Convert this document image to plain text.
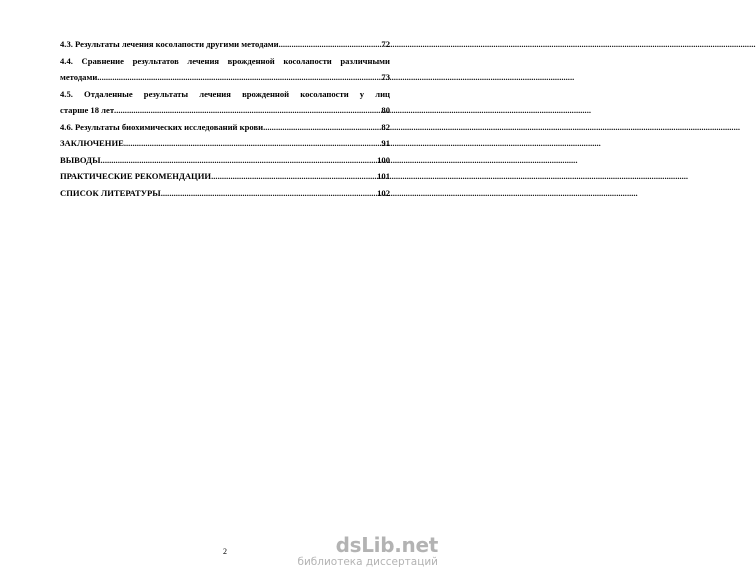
4.3. Результаты лечения косолапости другими методами .....	72
4.4. Сравнение результатов лечения врожденной косолапости различными
методами .....	73
4.5. Отдаленные результаты лечения врожденной косолапости у лиц
старше 18 лет .....	80
4.6. Результаты биохимических исследований крови .....	82
ЗАКЛЮЧЕНИЕ .....	91
ВЫВОДЫ .....	100
ПРАКТИЧЕСКИЕ РЕКОМЕНДАЦИИ .....	101
СПИСОК ЛИТЕРАТУРЫ .....	102
2	dsLib.net
библиотека диссертаций
